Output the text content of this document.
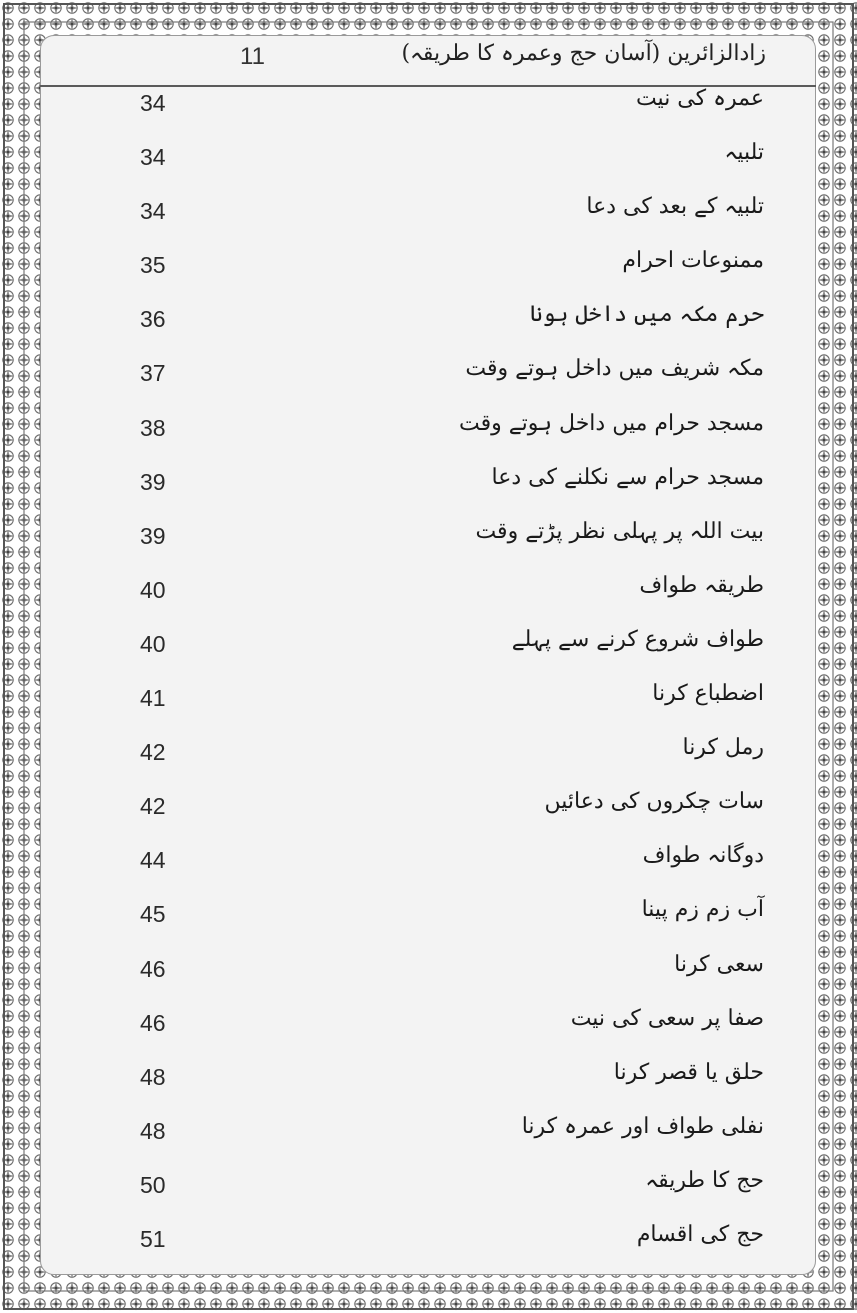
11	زادالزائرین (آسان حج وعمرہ کا طریقہ)
34	عمرہ کی نیت
34	تلبیہ
34	تلبیہ کے بعد کی دعا
35	ممنوعات احرام
36	حرم مکہ میں داخل ہونا
37	مکہ شریف میں داخل ہوتے وقت
38	مسجد حرام میں داخل ہوتے وقت
39	مسجد حرام سے نکلنے کی دعا
39	بیت اللہ پر پہلی نظر پڑتے وقت
40	طریقہ طواف
40	طواف شروع کرنے سے پہلے
41	اضطباع کرنا
42	رمل کرنا
42	سات چکروں کی دعائیں
44	دوگانہ طواف
45	آب زم زم پینا
46	سعی کرنا
46	صفا پر سعی کی نیت
48	حلق یا قصر کرنا
48	نفلی طواف اور عمرہ کرنا
50	حج کا طریقہ
51	حج کی اقسام
